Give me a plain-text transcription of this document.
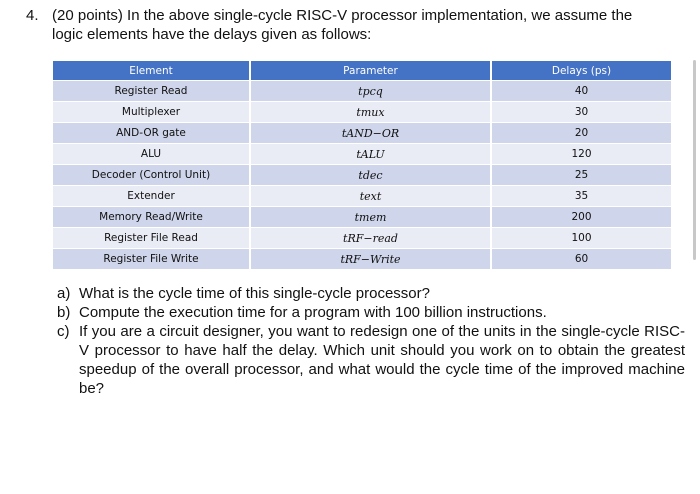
4. (20 points) In the above single-cycle RISC-V processor implementation, we assume the
logic elements have the delays given as follows:
Element	Parameter	Delays (ps)
Register Read	tpcq	40
Multiplexer	tmux	30
AND-OR gate	tAND−OR	20
ALU	tALU	120
Decoder (Control Unit)	tdec	25
Extender	text	35
Memory Read/Write	tmem	200
Register File Read	tRF−read	100
Register File Write	tRF−Write	60
a) What is the cycle time of this single-cycle processor?
b) Compute the execution time for a program with 100 billion instructions.
c) If you are a circuit designer, you want to redesign one of the units in the single-cycle RISC-V processor to have half the delay. Which unit should you work on to obtain the greatest speedup of the overall processor, and what would the cycle time of the improved machine be?
